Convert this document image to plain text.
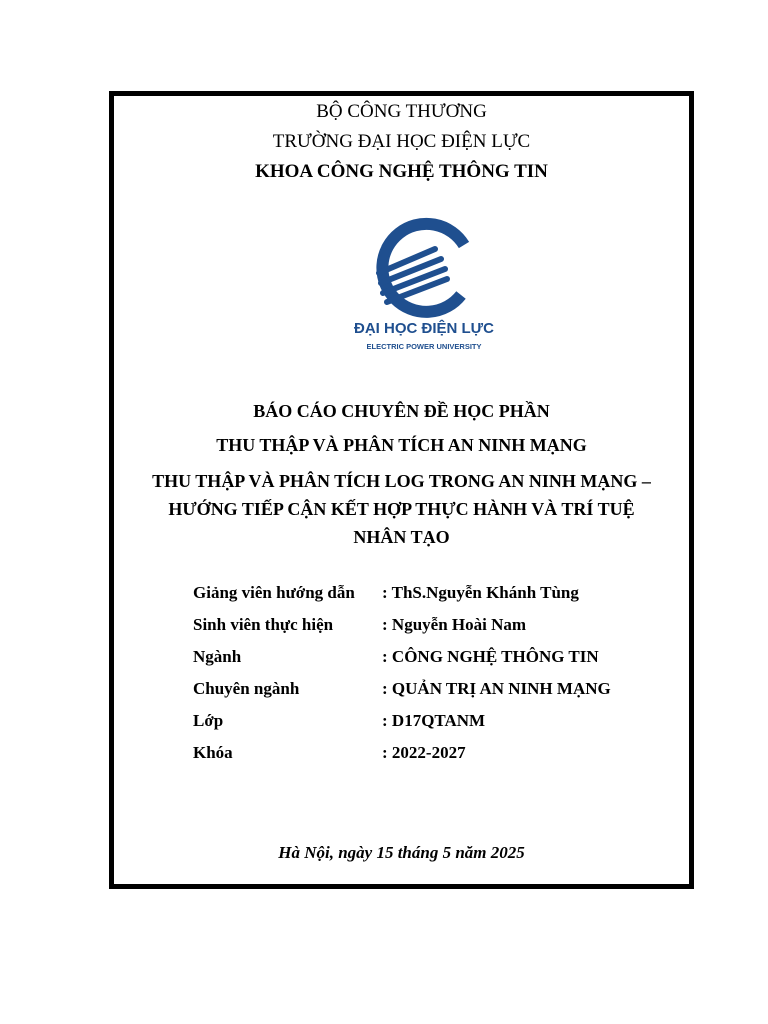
BỘ CÔNG THƯƠNG
TRƯỜNG ĐẠI HỌC ĐIỆN LỰC
KHOA CÔNG NGHỆ THÔNG TIN
ĐẠI HỌC ĐIỆN LỰC
ELECTRIC POWER UNIVERSITY
BÁO CÁO CHUYÊN ĐỀ HỌC PHẦN
THU THẬP VÀ PHÂN TÍCH AN NINH MẠNG
THU THẬP VÀ PHÂN TÍCH LOG TRONG AN NINH MẠNG –
HƯỚNG TIẾP CẬN KẾT HỢP THỰC HÀNH VÀ TRÍ TUỆ
NHÂN TẠO
Giảng viên hướng dẫn : ThS.Nguyễn Khánh Tùng
Sinh viên thực hiện	: Nguyễn Hoài Nam
Ngành	: CÔNG NGHỆ THÔNG TIN
Chuyên ngành	: QUẢN TRỊ AN NINH MẠNG
Lớp	: D17QTANM
Khóa	: 2022-2027
Hà Nội, ngày 15 tháng 5 năm 2025
